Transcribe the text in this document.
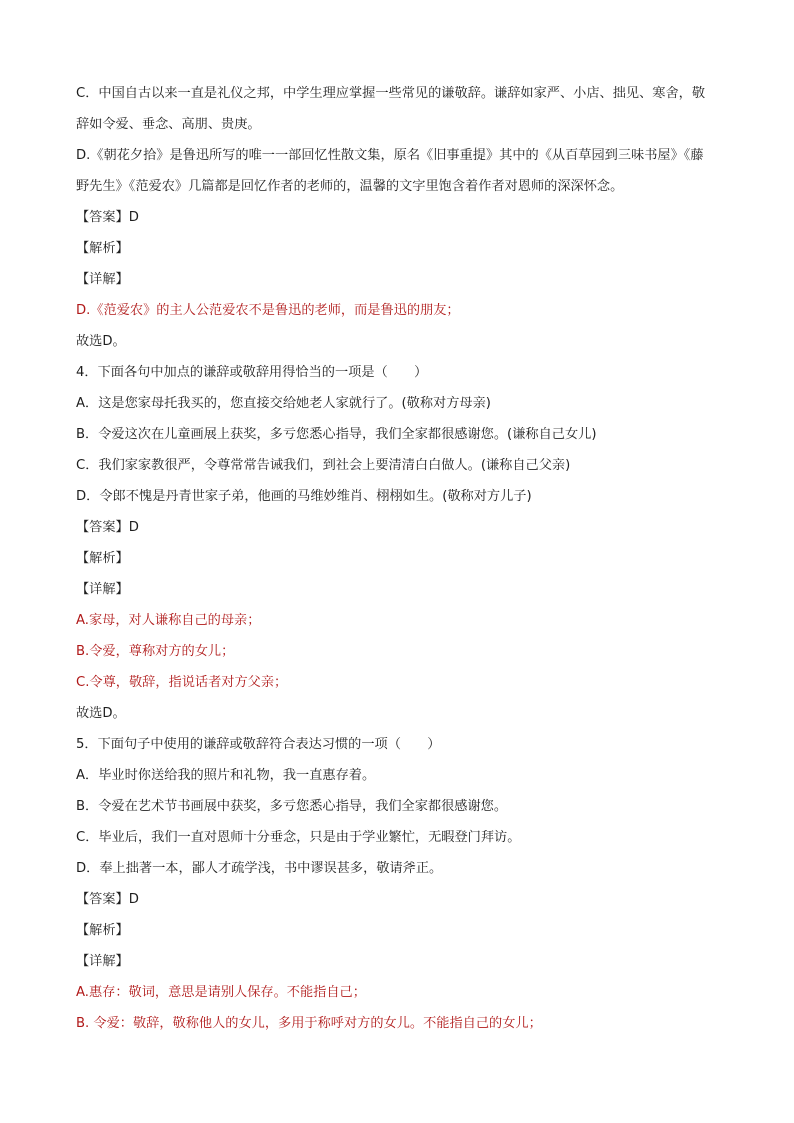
C．中国自古以来一直是礼仪之邦，中学生理应掌握一些常见的谦敬辞。谦辞如家严、小店、拙见、寒舍，敬辞如令爱、垂念、高朋、贵庚。
D.《朝花夕拾》是鲁迅所写的唯一一部回忆性散文集，原名《旧事重提》其中的《从百草园到三味书屋》《藤野先生》《范爱农》几篇都是回忆作者的老师的，温馨的文字里饱含着作者对恩师的深深怀念。
【答案】D
【解析】
【详解】
D.《范爱农》的主人公范爱农不是鲁迅的老师，而是鲁迅的朋友；
故选D。
4．下面各句中加点的谦辞或敬辞用得恰当的一项是（　　）
A．这是您家母托我买的，您直接交给她老人家就行了。(敬称对方母亲)
B．令爱这次在儿童画展上获奖，多亏您悉心指导，我们全家都很感谢您。(谦称自己女儿)
C．我们家家教很严，令尊常常告诫我们，到社会上要清清白白做人。(谦称自己父亲)
D．令郎不愧是丹青世家子弟，他画的马维妙维肖、栩栩如生。(敬称对方儿子)
【答案】D
【解析】
【详解】
A.家母，对人谦称自己的母亲；
B.令爱，尊称对方的女儿；
C.令尊，敬辞，指说话者对方父亲；
故选D。
5．下面句子中使用的谦辞或敬辞符合表达习惯的一项（　　）
A．毕业时你送给我的照片和礼物，我一直惠存着。
B．令爱在艺术节书画展中获奖，多亏您悉心指导，我们全家都很感谢您。
C．毕业后，我们一直对恩师十分垂念，只是由于学业繁忙，无暇登门拜访。
D．奉上拙著一本，鄙人才疏学浅，书中谬误甚多，敬请斧正。
【答案】D
【解析】
【详解】
A.惠存：敬词，意思是请别人保存。不能指自己；
B. 令爱：敬辞，敬称他人的女儿，多用于称呼对方的女儿。不能指自己的女儿；
